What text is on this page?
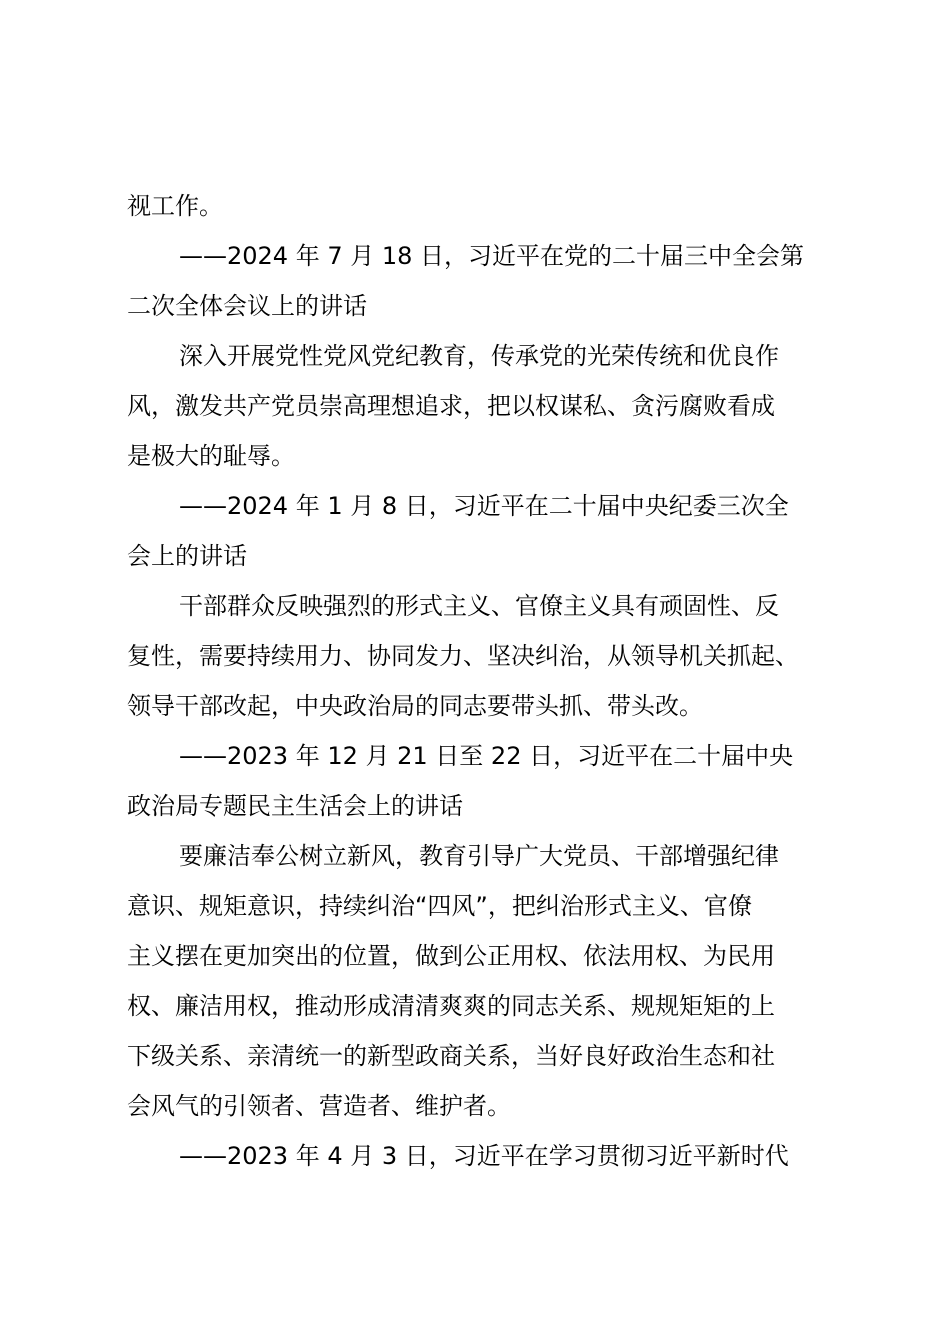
视工作。
——2024 年 7 月 18 日，习近平在党的二十届三中全会第
二次全体会议上的讲话
深入开展党性党风党纪教育，传承党的光荣传统和优良作
风，激发共产党员崇高理想追求，把以权谋私、贪污腐败看成
是极大的耻辱。
——2024 年 1 月 8 日，习近平在二十届中央纪委三次全
会上的讲话
干部群众反映强烈的形式主义、官僚主义具有顽固性、反
复性，需要持续用力、协同发力、坚决纠治，从领导机关抓起、
领导干部改起，中央政治局的同志要带头抓、带头改。
——2023 年 12 月 21 日至 22 日，习近平在二十届中央
政治局专题民主生活会上的讲话
要廉洁奉公树立新风，教育引导广大党员、干部增强纪律
意识、规矩意识，持续纠治“四风”，把纠治形式主义、官僚
主义摆在更加突出的位置，做到公正用权、依法用权、为民用
权、廉洁用权，推动形成清清爽爽的同志关系、规规矩矩的上
下级关系、亲清统一的新型政商关系，当好良好政治生态和社
会风气的引领者、营造者、维护者。
——2023 年 4 月 3 日，习近平在学习贯彻习近平新时代
